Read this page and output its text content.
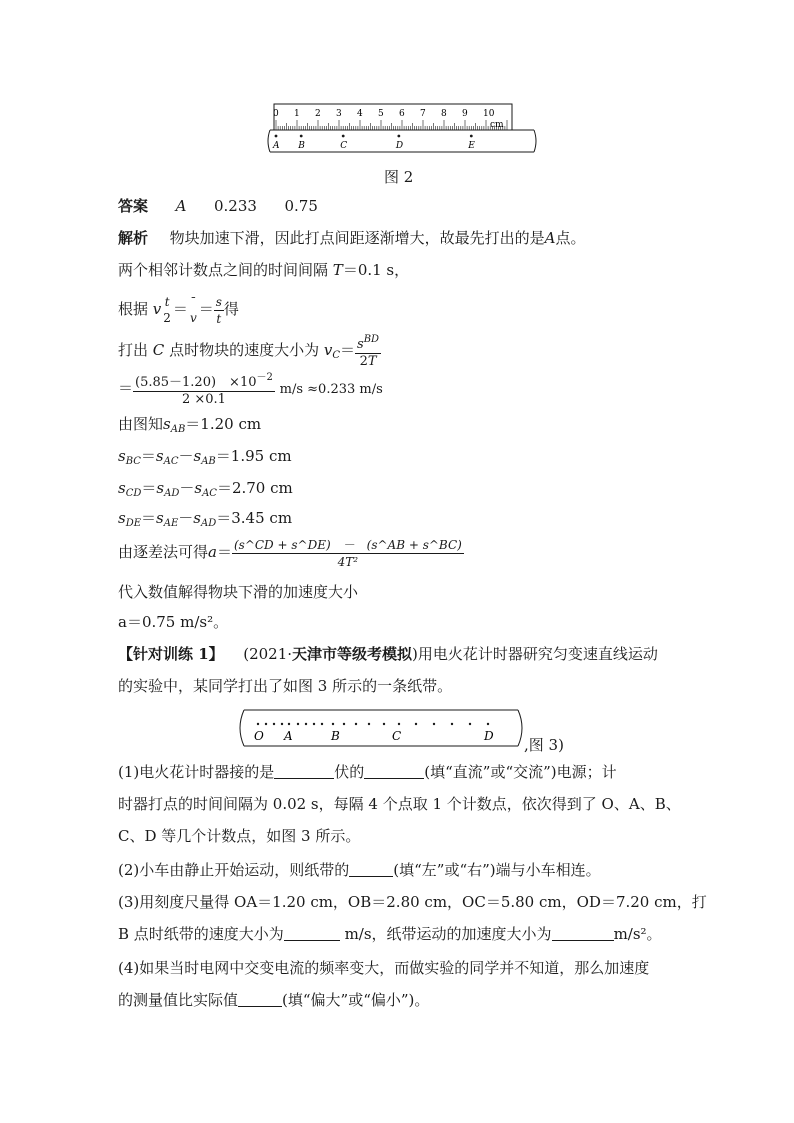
0 1 2 3 4 5 6 7 8 9 10
cm
A B	C	D	E
图 2
答案 A 0.233 0.75
解析 物块加速下滑，因此打点间距逐渐增大，故最先打出的是A点。
两个相邻计数点之间的时间间隔 T＝0.1 s，
根据 v t
2 ＝ ¯
$v = \frac{s}{t}$ 得
打出 C 点时物块的速度大小为 $v_C= \frac{s^{BD}}{2T}$
＝ $\frac{(5.85-1.20) \times 10^{-2}}{2 \times 0.1} m/s \approx 0.233$ m/s
由图知$s_{AB}=1.20$ cm
$s_{BC}=s_{AC}-s_{AB}=1.95$ cm
$s_{CD}=s_{AD}-s_{AC}=2.70$ cm
$s_{DE}=s_{AE}-s_{AD}=3.45$ cm
由逐差法可得$a= \frac{(s\^{}CD + s\^{}DE) - (s\^{}AB + s\^{}BC)}{\text{4T²}}$
代入数值解得物块下滑的加速度大小
a＝0.75 m/s²。
【针对训练 1】 (2021·天津市等级考模拟)用电火花计时器研究匀变速直线运动
的实验中，某同学打出了如图 3 所示的一条纸带。
O A	B	C	D ,图 3)
(1)电火花计时器接的是	伏的	(填“直流”或“交流”)电源；计
时器打点的时间间隔为 0.02 s，每隔 4 个点取 1 个计数点，依次得到了 O、A、B、
C、D 等几个计数点，如图 3 所示。
(2)小车由静止开始运动，则纸带的	(填“左”或“右”)端与小车相连。
(3)用刻度尺量得 OA＝1.20 cm，OB＝2.80 cm，OC＝5.80 cm，OD＝7.20 cm，打
B 点时纸带的速度大小为	m/s，纸带运动的加速度大小为	m/s²。
(4)如果当时电网中交变电流的频率变大，而做实验的同学并不知道，那么加速度
的测量值比实际值	(填“偏大”或“偏小”)。
